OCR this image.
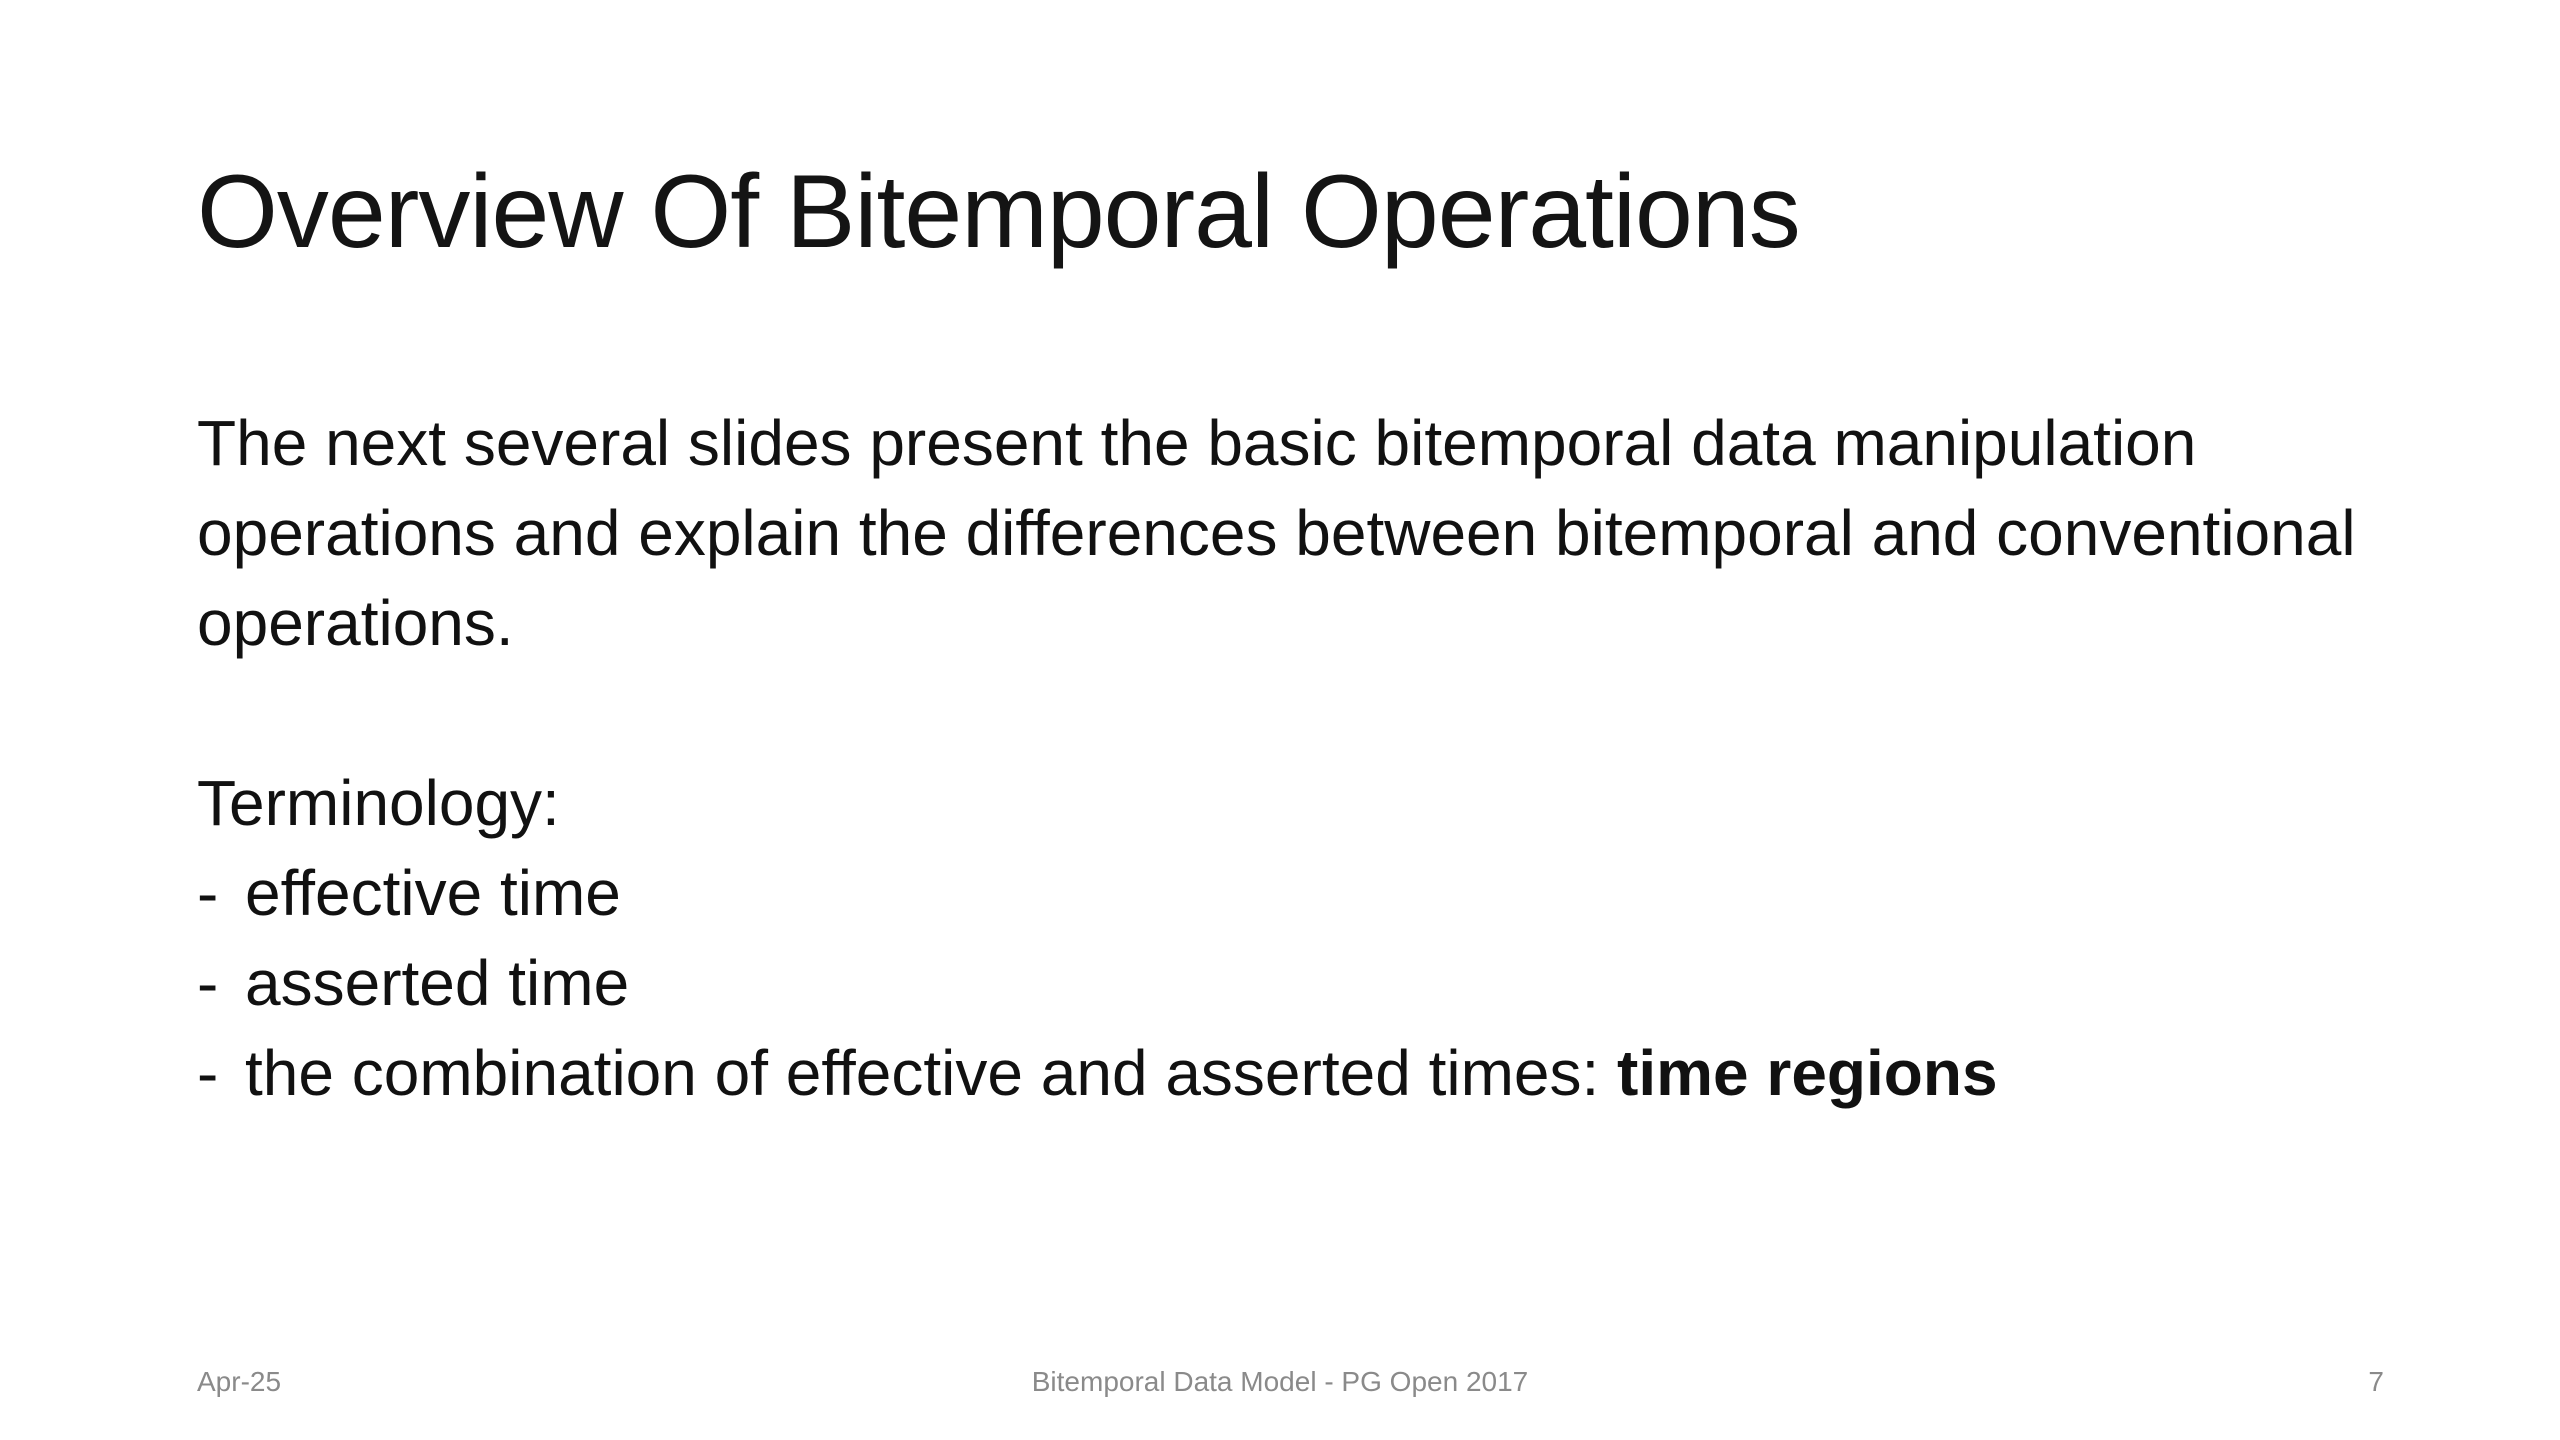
Overview Of Bitemporal Operations

The next several slides present the basic bitemporal data manipulation operations and explain the differences between bitemporal and conventional operations.

Terminology:

- effective time
- asserted time
- the combination of effective and asserted times: time regions
Apr-25	Bitemporal Data Model - PG Open 2017	7
